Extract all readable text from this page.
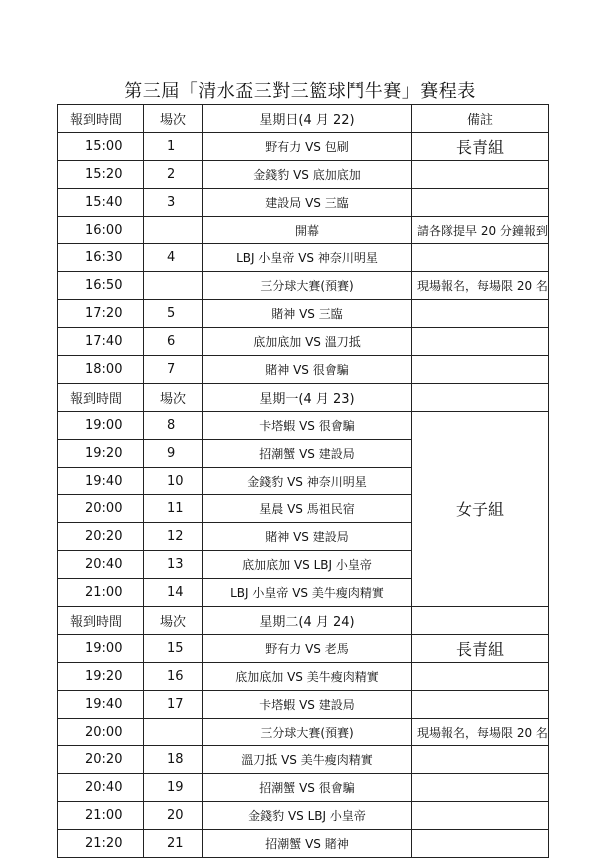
第三屆「清水盃三對三籃球鬥牛賽」賽程表
報到時間	場次	星期日(4 月 22)	備註
15:00	1	野有力 VS 包刷	長青組
15:20	2	金錢豹 VS 底加底加	
15:40	3	建設局 VS 三臨	
16:00		開幕	請各隊提早 20 分鐘報到
16:30	4	LBJ 小皇帝 VS 神奈川明星	
16:50		三分球大賽(預賽)	現場報名，每場限 20 名
17:20	5	賭神 VS 三臨	
17:40	6	底加底加 VS 溫刀抵	
18:00	7	賭神 VS 很會騙	
報到時間	場次	星期一(4 月 23)	
19:00	8	卡塔蝦 VS 很會騙	女子組
19:20	9	招潮蟹 VS 建設局	
19:40	10	金錢豹 VS 神奈川明星	
20:00	11	星晨 VS 馬祖民宿	
20:20	12	賭神 VS 建設局	
20:40	13	底加底加 VS LBJ 小皇帝	
21:00	14	LBJ 小皇帝 VS 美牛瘦肉精實	
報到時間	場次	星期二(4 月 24)	
19:00	15	野有力 VS 老馬	長青組
19:20	16	底加底加 VS 美牛瘦肉精實	
19:40	17	卡塔蝦 VS 建設局	
20:00		三分球大賽(預賽)	現場報名，每場限 20 名
20:20	18	溫刀抵 VS 美牛瘦肉精實	
20:40	19	招潮蟹 VS 很會騙	
21:00	20	金錢豹 VS LBJ 小皇帝	
21:20	21	招潮蟹 VS 賭神	
